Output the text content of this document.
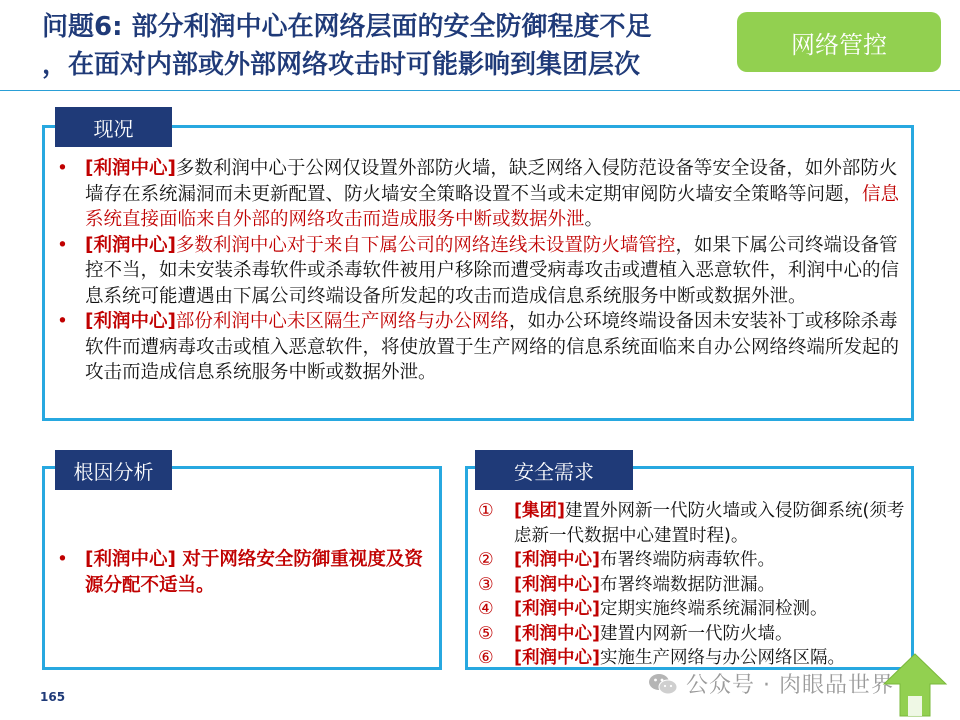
问题6: 部分利润中心在网络层面的安全防御程度不足
，在面对内部或外部网络攻击时可能影响到集团层次
网络管控
• [利润中心]多数利润中心于公网仅设置外部防火墙，缺乏网络入侵防范设备等安全设备，如外部防火墙存在系统漏洞而未更新配置、防火墙安全策略设置不当或未定期审阅防火墙安全策略等问题，信息系统直接面临来自外部的网络攻击而造成服务中断或数据外泄。
• [利润中心]多数利润中心对于来自下属公司的网络连线未设置防火墙管控，如果下属公司终端设备管控不当，如未安装杀毒软件或杀毒软件被用户移除而遭受病毒攻击或遭植入恶意软件，利润中心的信息系统可能遭遇由下属公司终端设备所发起的攻击而造成信息系统服务中断或数据外泄。
• [利润中心]部份利润中心未区隔生产网络与办公网络，如办公环境终端设备因未安装补丁或移除杀毒软件而遭病毒攻击或植入恶意软件，将使放置于生产网络的信息系统面临来自办公网络终端所发起的攻击而造成信息系统服务中断或数据外泄。
现况
• [利润中心] 对于网络安全防御重视度及资源分配不适当。
根因分析
① [集团]建置外网新一代防火墙或入侵防御系统(须考虑新一代数据中心建置时程)。
② [利润中心]布署终端防病毒软件。
③ [利润中心]布署终端数据防泄漏。
④ [利润中心]定期实施终端系统漏洞检测。
⑤ [利润中心]建置内网新一代防火墙。
⑥ [利润中心]实施生产网络与办公网络区隔。
安全需求
165	公众号 · 肉眼品世界
